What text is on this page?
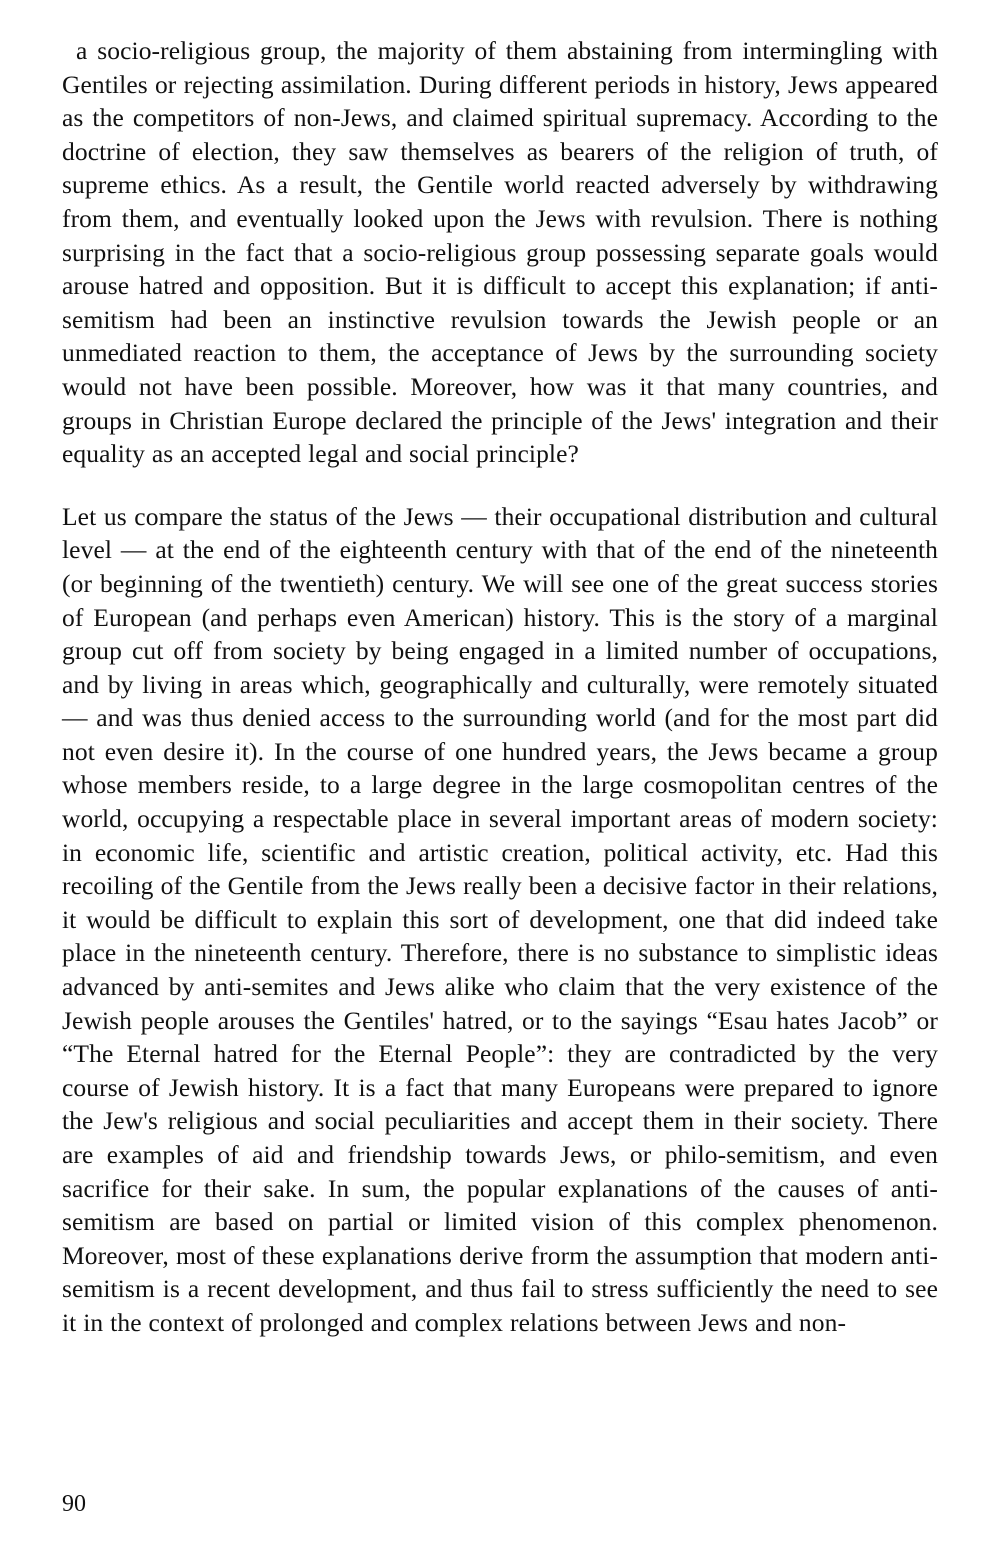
a socio-religious group, the majority of them abstaining from intermingling with Gentiles or rejecting assimilation. During different periods in history, Jews appeared as the competitors of non-Jews, and claimed spiritual supremacy. According to the doctrine of election, they saw themselves as bearers of the religion of truth, of supreme ethics. As a result, the Gentile world reacted adversely by withdrawing from them, and eventually looked upon the Jews with revulsion. There is nothing surprising in the fact that a socio-religious group possessing separate goals would arouse hatred and opposition. But it is difficult to accept this explanation; if anti-semitism had been an instinctive revulsion towards the Jewish people or an unmediated reaction to them, the acceptance of Jews by the surrounding society would not have been possible. Moreover, how was it that many countries, and groups in Christian Europe declared the principle of the Jews' integration and their equality as an accepted legal and social principle?

Let us compare the status of the Jews — their occupational distribution and cultural level — at the end of the eighteenth century with that of the end of the nineteenth (or beginning of the twentieth) century. We will see one of the great success stories of European (and perhaps even American) history. This is the story of a marginal group cut off from society by being engaged in a limited number of occupations, and by living in areas which, geographically and culturally, were remotely situated — and was thus denied access to the surrounding world (and for the most part did not even desire it). In the course of one hundred years, the Jews became a group whose members reside, to a large degree in the large cosmopolitan centres of the world, occupying a respectable place in several important areas of modern society: in economic life, scientific and artistic creation, political activity, etc. Had this recoiling of the Gentile from the Jews really been a decisive factor in their relations, it would be difficult to explain this sort of development, one that did indeed take place in the nineteenth century. Therefore, there is no substance to simplistic ideas advanced by anti-semites and Jews alike who claim that the very existence of the Jewish people arouses the Gentiles' hatred, or to the sayings “Esau hates Jacob” or “The Eternal hatred for the Eternal People”: they are contradicted by the very course of Jewish history. It is a fact that many Europeans were prepared to ignore the Jew's religious and social peculiarities and accept them in their society. There are examples of aid and friendship towards Jews, or philo-semitism, and even sacrifice for their sake. In sum, the popular explanations of the causes of anti-semitism are based on partial or limited vision of this complex phenomenon. Moreover, most of these explanations derive frorm the assumption that modern anti-semitism is a recent development, and thus fail to stress sufficiently the need to see it in the context of prolonged and complex relations between Jews and non-

90
